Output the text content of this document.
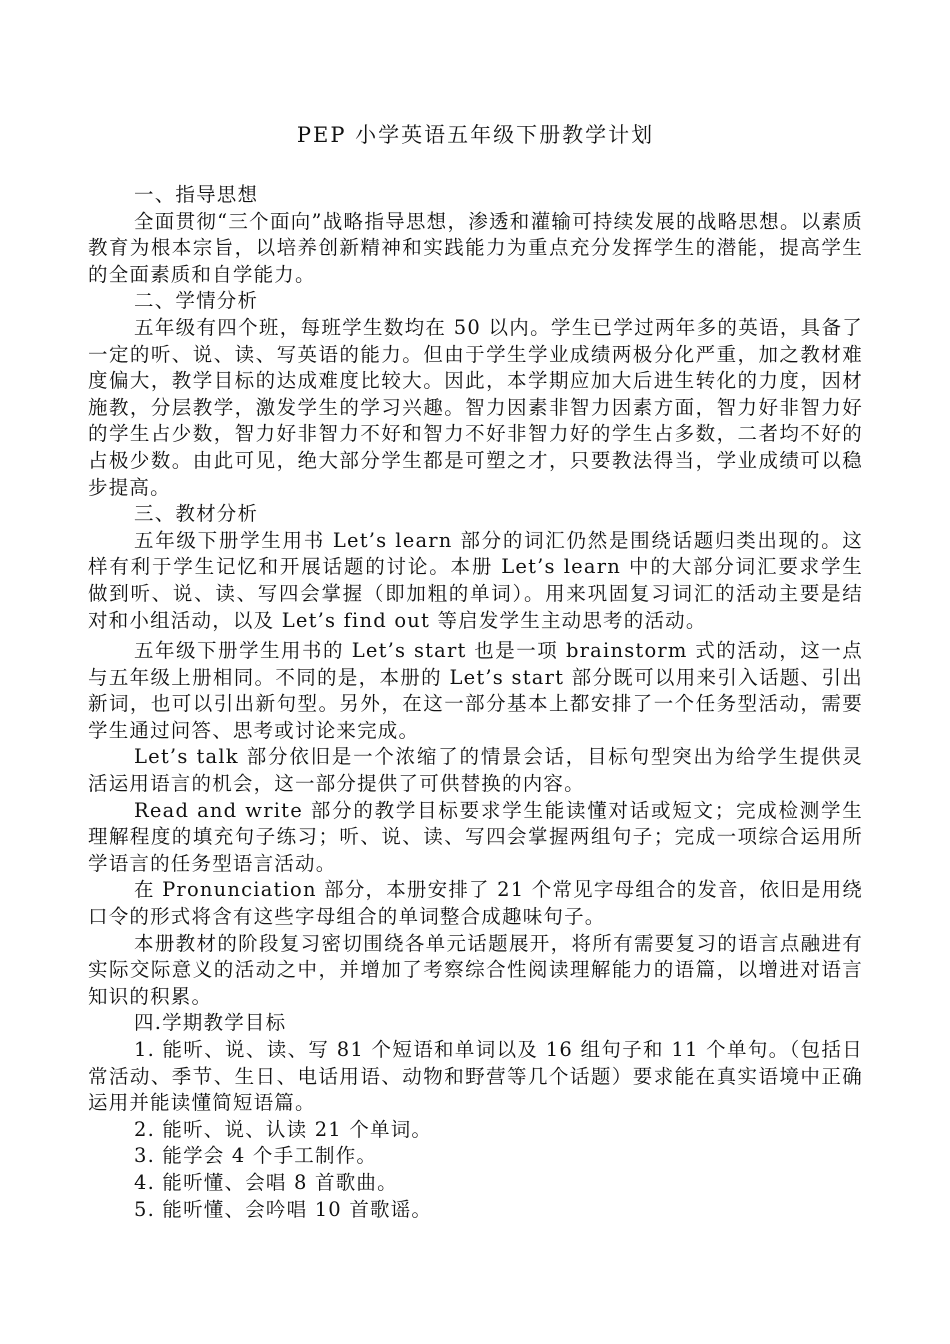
PEP 小学英语五年级下册教学计划

一、指导思想

全面贯彻“三个面向”战略指导思想，渗透和灌输可持续发展的战略思想。以素质教育为根本宗旨，以培养创新精神和实践能力为重点充分发挥学生的潜能，提高学生的全面素质和自学能力。

二、学情分析

五年级有四个班，每班学生数均在 50 以内。学生已学过两年多的英语，具备了一定的听、说、读、写英语的能力。但由于学生学业成绩两极分化严重，加之教材难度偏大，教学目标的达成难度比较大。因此，本学期应加大后进生转化的力度，因材施教，分层教学，激发学生的学习兴趣。智力因素非智力因素方面，智力好非智力好的学生占少数，智力好非智力不好和智力不好非智力好的学生占多数，二者均不好的占极少数。由此可见，绝大部分学生都是可塑之才，只要教法得当，学业成绩可以稳步提高。

三、教材分析

五年级下册学生用书 Let’s learn 部分的词汇仍然是围绕话题归类出现的。这样有利于学生记忆和开展话题的讨论。本册 Let’s learn 中的大部分词汇要求学生做到听、说、读、写四会掌握（即加粗的单词）。用来巩固复习词汇的活动主要是结对和小组活动，以及 Let’s find out 等启发学生主动思考的活动。

五年级下册学生用书的 Let’s start 也是一项 brainstorm 式的活动，这一点与五年级上册相同。不同的是，本册的 Let’s start 部分既可以用来引入话题、引出新词，也可以引出新句型。另外，在这一部分基本上都安排了一个任务型活动，需要学生通过问答、思考或讨论来完成。

Let’s talk 部分依旧是一个浓缩了的情景会话，目标句型突出为给学生提供灵活运用语言的机会，这一部分提供了可供替换的内容。

Read and write 部分的教学目标要求学生能读懂对话或短文；完成检测学生理解程度的填充句子练习；听、说、读、写四会掌握两组句子；完成一项综合运用所学语言的任务型语言活动。

在 Pronunciation 部分，本册安排了 21 个常见字母组合的发音，依旧是用绕口令的形式将含有这些字母组合的单词整合成趣味句子。

本册教材的阶段复习密切围绕各单元话题展开，将所有需要复习的语言点融进有实际交际意义的活动之中，并增加了考察综合性阅读理解能力的语篇，以增进对语言知识的积累。

四.学期教学目标

1. 能听、说、读、写 81 个短语和单词以及 16 组句子和 11 个单句。（包括日常活动、季节、生日、电话用语、动物和野营等几个话题）要求能在真实语境中正确运用并能读懂简短语篇。

2. 能听、说、认读 21 个单词。

3. 能学会 4 个手工制作。

4. 能听懂、会唱 8 首歌曲。

5. 能听懂、会吟唱 10 首歌谣。
